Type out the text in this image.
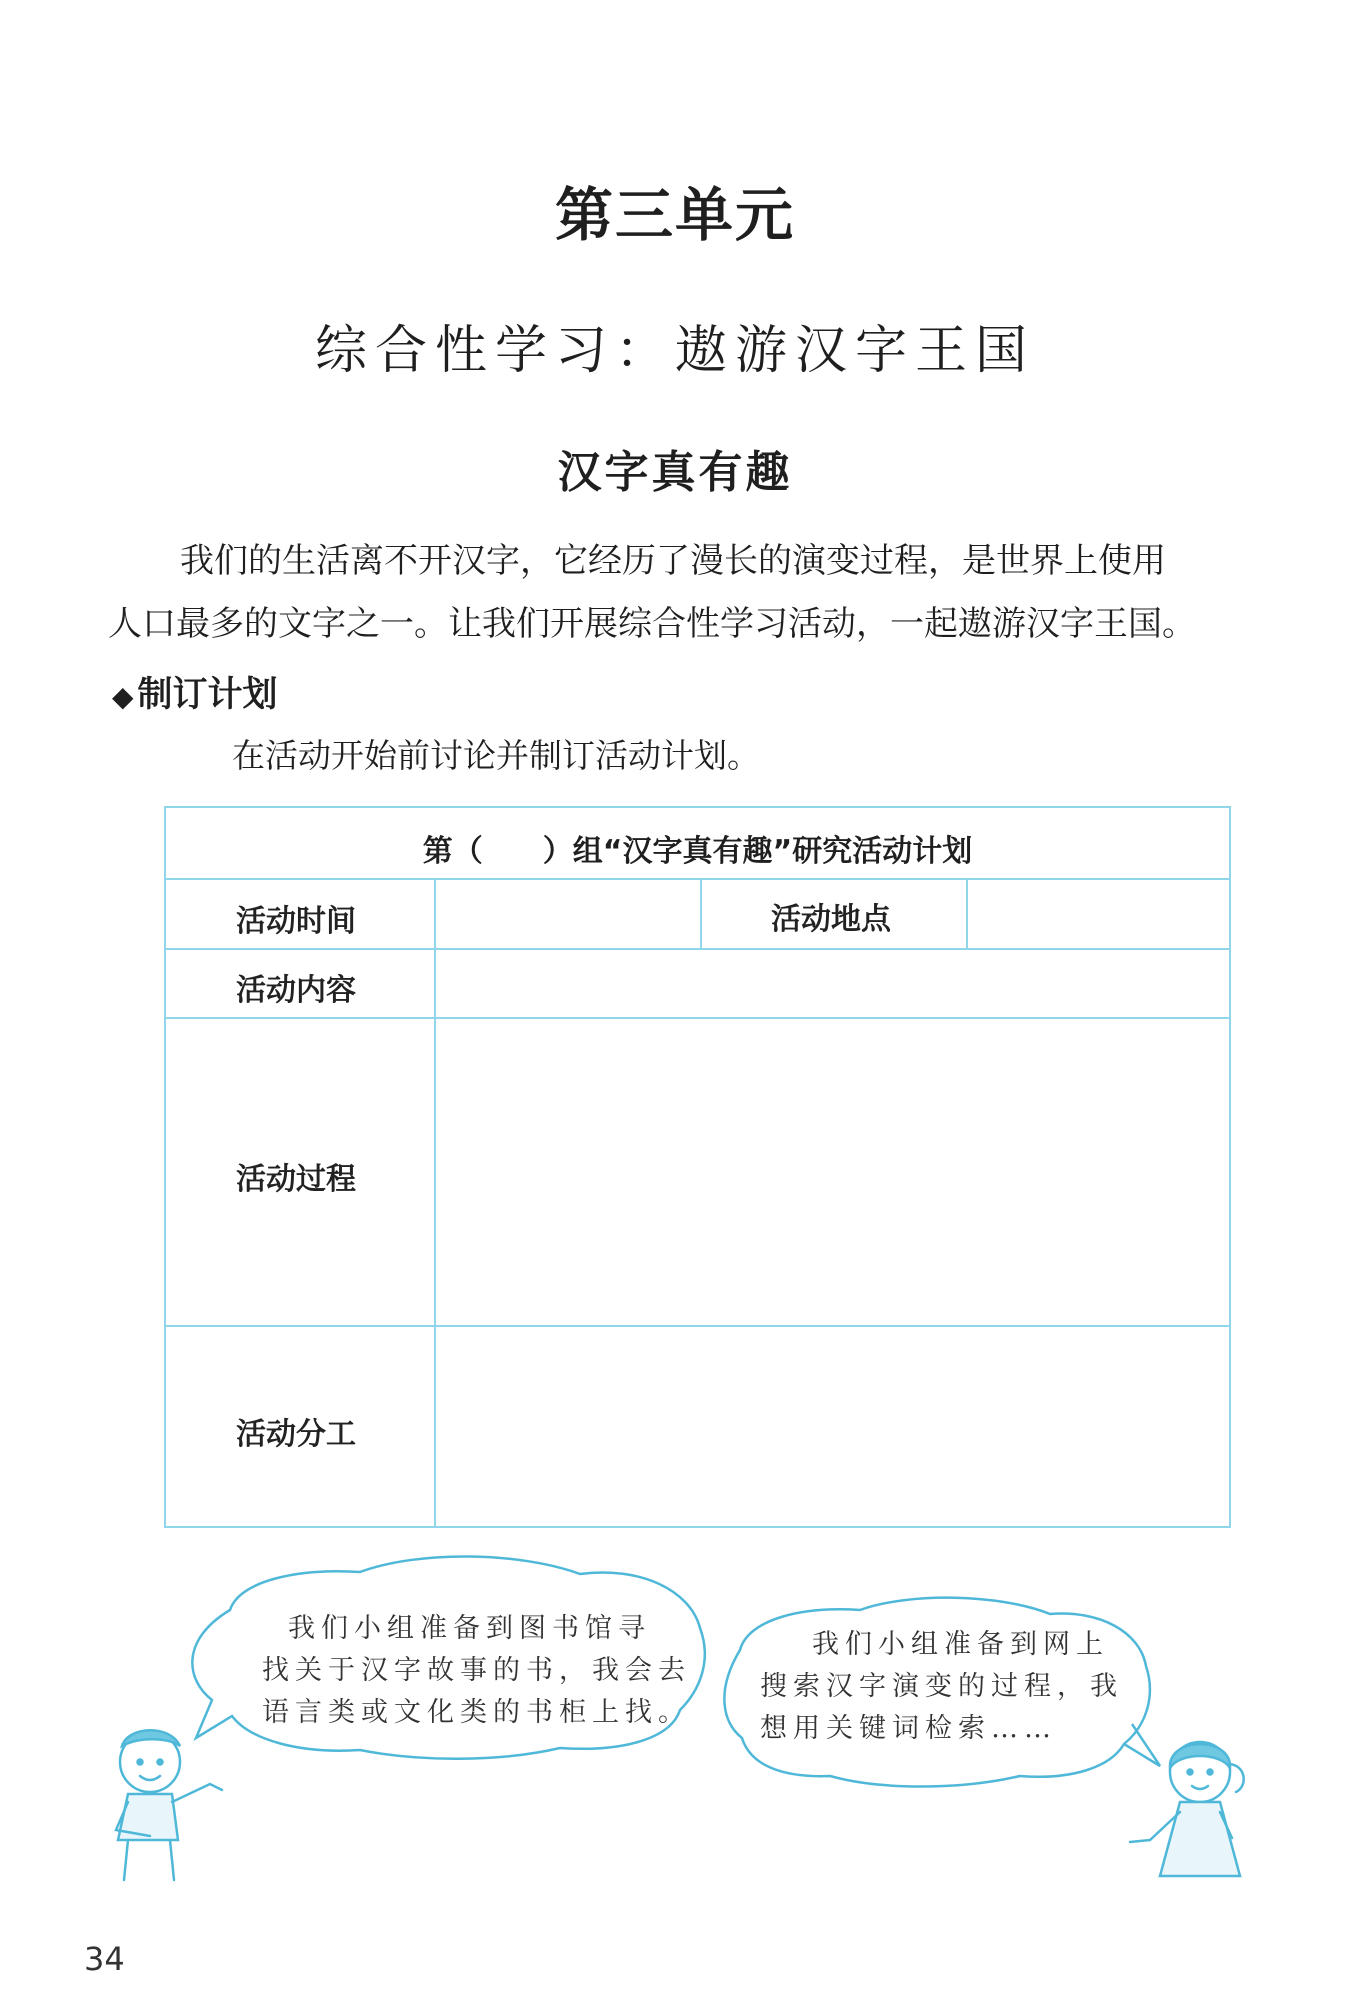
第三单元
综合性学习：遨游汉字王国
汉字真有趣
我们的生活离不开汉字，它经历了漫长的演变过程，是世界上使用
人口最多的文字之一。让我们开展综合性学习活动，一起遨游汉字王国。
◆ 制订计划
在活动开始前讨论并制订活动计划。
第（　　）组“汉字真有趣”研究活动计划
活动时间	活动地点
活动内容
活动过程
活动分工
我们小组准备到图书馆寻
找关于汉字故事的书，我会去
语言类或文化类的书柜上找。
我们小组准备到网上
搜索汉字演变的过程，我
想用关键词检索……
34
